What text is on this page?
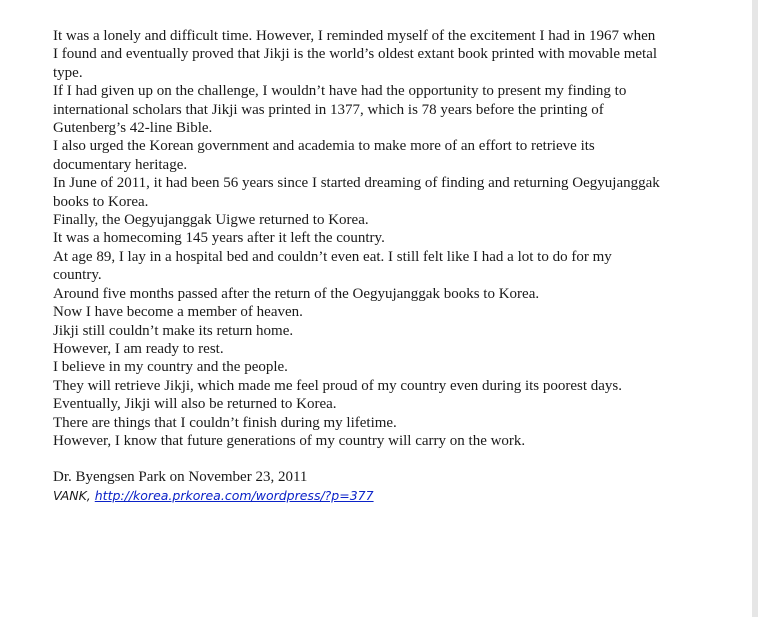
It was a lonely and difficult time. However, I reminded myself of the excitement I had in 1967 when I found and eventually proved that Jikji is the world’s oldest extant book printed with movable metal type.

If I had given up on the challenge, I wouldn’t have had the opportunity to present my finding to international scholars that Jikji was printed in 1377, which is 78 years before the printing of Gutenberg’s 42-line Bible.

I also urged the Korean government and academia to make more of an effort to retrieve its documentary heritage.

In June of 2011, it had been 56 years since I started dreaming of finding and returning Oegyujanggak books to Korea.

Finally, the Oegyujanggak Uigwe returned to Korea.

It was a homecoming 145 years after it left the country.

At age 89, I lay in a hospital bed and couldn’t even eat. I still felt like I had a lot to do for my country.

Around five months passed after the return of the Oegyujanggak books to Korea.

Now I have become a member of heaven.

Jikji still couldn’t make its return home.

However, I am ready to rest.

I believe in my country and the people.

They will retrieve Jikji, which made me feel proud of my country even during its poorest days.

Eventually, Jikji will also be returned to Korea.

There are things that I couldn’t finish during my lifetime.

However, I know that future generations of my country will carry on the work.

Dr. Byengsen Park on November 23, 2011

VANK, http://korea.prkorea.com/wordpress/?p=377
